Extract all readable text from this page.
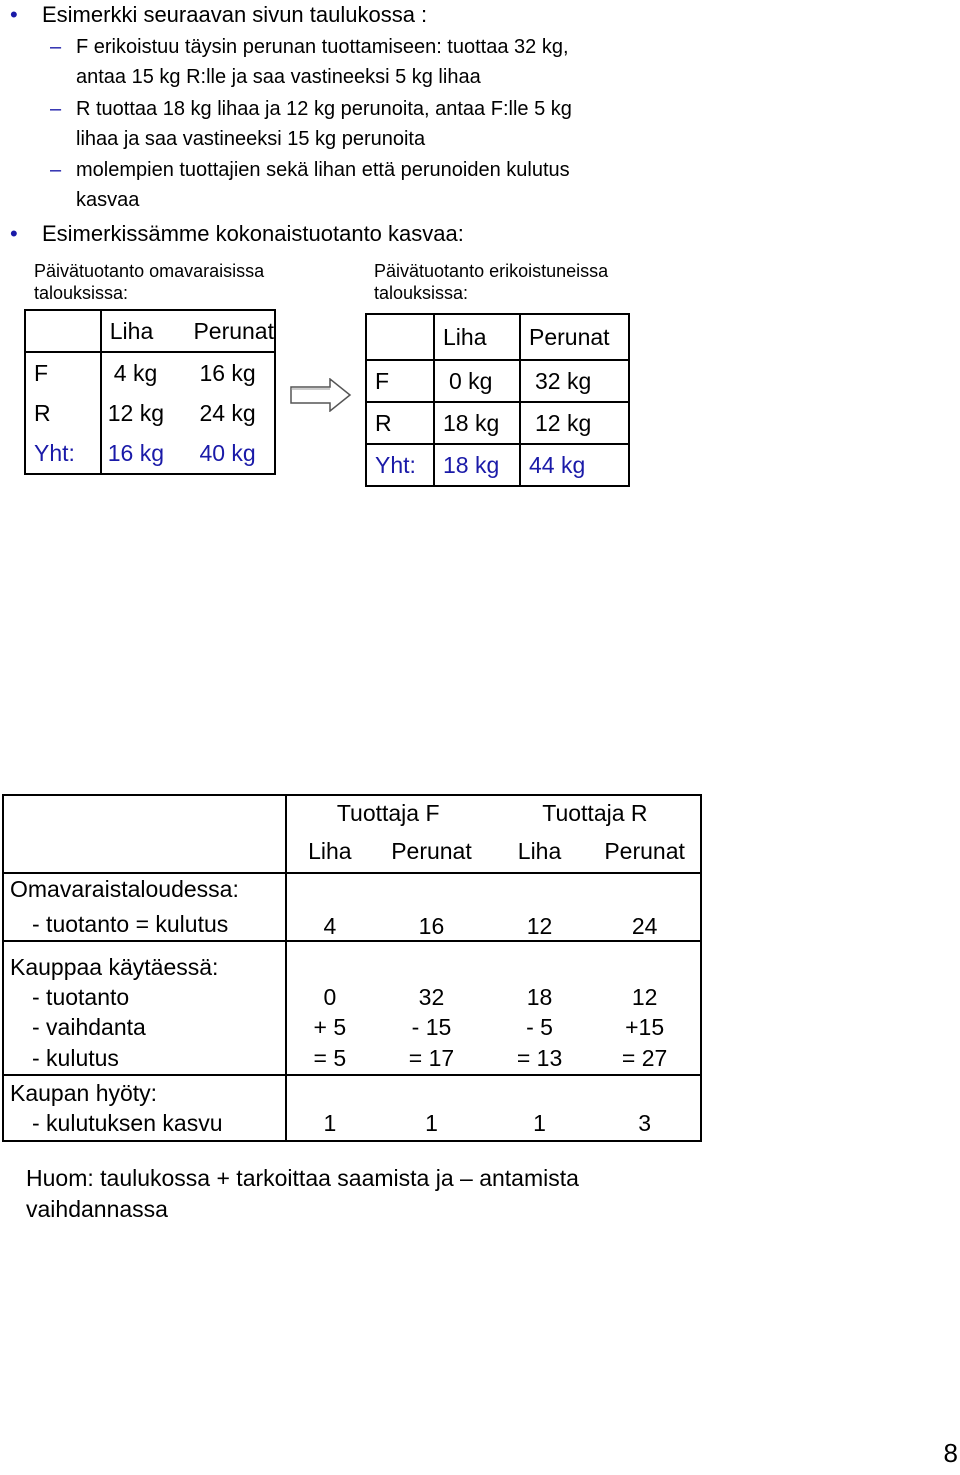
• Esimerkki seuraavan sivun taulukossa :
– F erikoistuu täysin perunan tuottamiseen: tuottaa 32 kg,
antaa 15 kg R:lle ja saa vastineeksi 5 kg lihaa
– R tuottaa 18 kg lihaa ja 12 kg perunoita, antaa F:lle 5 kg
lihaa ja saa vastineeksi 15 kg perunoita
– molempien tuottajien sekä lihan että perunoiden kulutus
kasvaa
• Esimerkissämme kokonaistuotanto kasvaa:
Päivätuotanto omavaraisissa
talouksissa:
	Liha	Perunat
F	4 kg	16 kg
R	12 kg	24 kg
Yht:	16 kg	40 kg
Päivätuotanto erikoistuneissa
talouksissa:
	Liha	Perunat
F	0 kg	32 kg
R	18 kg	12 kg
Yht:	18 kg	44 kg
	Tuottaja F		Tuottaja R	
	Liha	Perunat	Liha	Perunat
Omavaraistaloudessa:				
- tuotanto = kulutus	4	16	12	24
Kauppaa käytäessä:				
- tuotanto	0	32	18	12
- vaihdanta	+ 5	- 15	- 5	+15
- kulutus	= 5	= 17	= 13	= 27
Kaupan hyöty:				
- kulutuksen kasvu	1	1	1	3
Huom: taulukossa + tarkoittaa saamista ja – antamista
vaihdannassa
8
